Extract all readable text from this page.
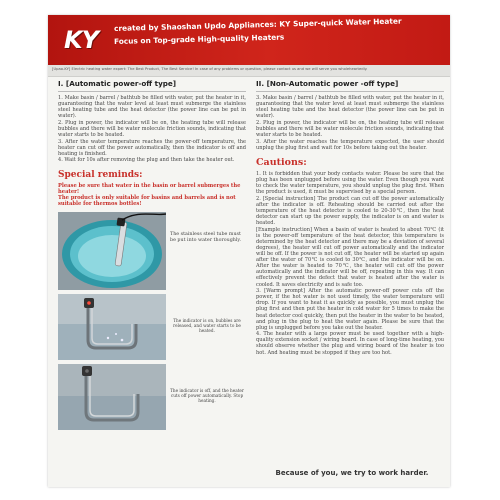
KY
created by Shaoshan Updo Appliances: KY Super-quick Water Heater
Focus on Top-grade High-quality Heaters
[Upao-KY] Electric heating water expert: The Best Product, The Best Service! In case of any problems or question, please contact us and we will serve you wholeheartedly.
I. [Automatic power-off type]

1. Make basin / barrel / bathtub be filled with water, put the heater in it, guaranteeing that the water level at least must submerge the stainless steel heating tube and the heat detector (the power line can be put in water).

2. Plug in power, the indicator will be on, the heating tube will release bubbles and there will be water molecule friction sounds, indicating that water starts to be heated.

3. After the water temperature reaches the power-off temperature, the heater can cut off the power automatically, then the indicator is off and heating is finished.

4. Wait for 10s after removing the plug and then take the heater out.

Special reminds:
Please be sure that water in the basin or barrel submerges the heater!
The product is only suitable for basins and barrels and is not suitable for thermos bottles!
The stainless steel tube must be put into water thoroughly.
The indicator is on, bubbles are released, and water starts to be heated.
The indicator is off, and the heater cuts off power automatically. Stop heating.
II. [Non-Automatic power -off type]

3. Make basin / barrel / bathtub be filled with water, put the heater in it, guaranteeing that the water level at least must submerge the stainless steel heating tube and the heat detector (the power line can be put in water).

2. Plug in power, the indicator will be on, the heating tube will release bubbles and there will be water molecule friction sounds, indicating that water starts to be heated.

3. After the water reaches the temperature expected, the user should unplug the plug first and wait for 10s before taking out the heater.

Cautions:

1. It is forbidden that your body contacts water. Please be sure that the plug has been unplugged before using the water. Even though you want to check the water temperature, you should unplug the plug first. When the product is used, it must be supervised by a special person.

2. [Special instruction] The product can cut off the power automatically after the indicator is off. Reheating should be carried out after the temperature of the heat detector is cooled to 20-30℃, then the heat detector can start up the power supply, the indicator is on and water is heated.

[Example instruction] When a basin of water is heated to about 70℃ (it is the power-off temperature of the heat detector, this temperature is determined by the heat detector and there may be a deviation of several degrees), the heater will cut off power automatically and the indicator will be off. If the power is not cut off, the heater will be started up again after the water of 70℃ is cooled to 30℃, and the indicator will be on. After the water is heated to 70℃, the heater will cut off the power automatically and the indicator will be off, repeating in this way. It can effectively prevent the defect that water is heated after the water is cooled. It saves electricity and is safe too.

3. [Warm prompt] After the automatic power-off power cuts off the power, if the hot water is not used timely, the water temperature will drop. If you want to heat it as quickly as possible, you must unplug the plug first and then put the heater in cold water for 5 times to make the heat detector cool quickly, then put the heater in the water to be heated, and plug in the plug to heat the water again. Please be sure that the plug is unplugged before you take out the heater.

4. The heater with a large power must be used together with a high-quality extension socket / wiring board. In case of long-time heating, you should observe whether the plug and wiring board of the heater is too hot. And heating must be stopped if they are too hot.

Because of you, we try to work harder.
